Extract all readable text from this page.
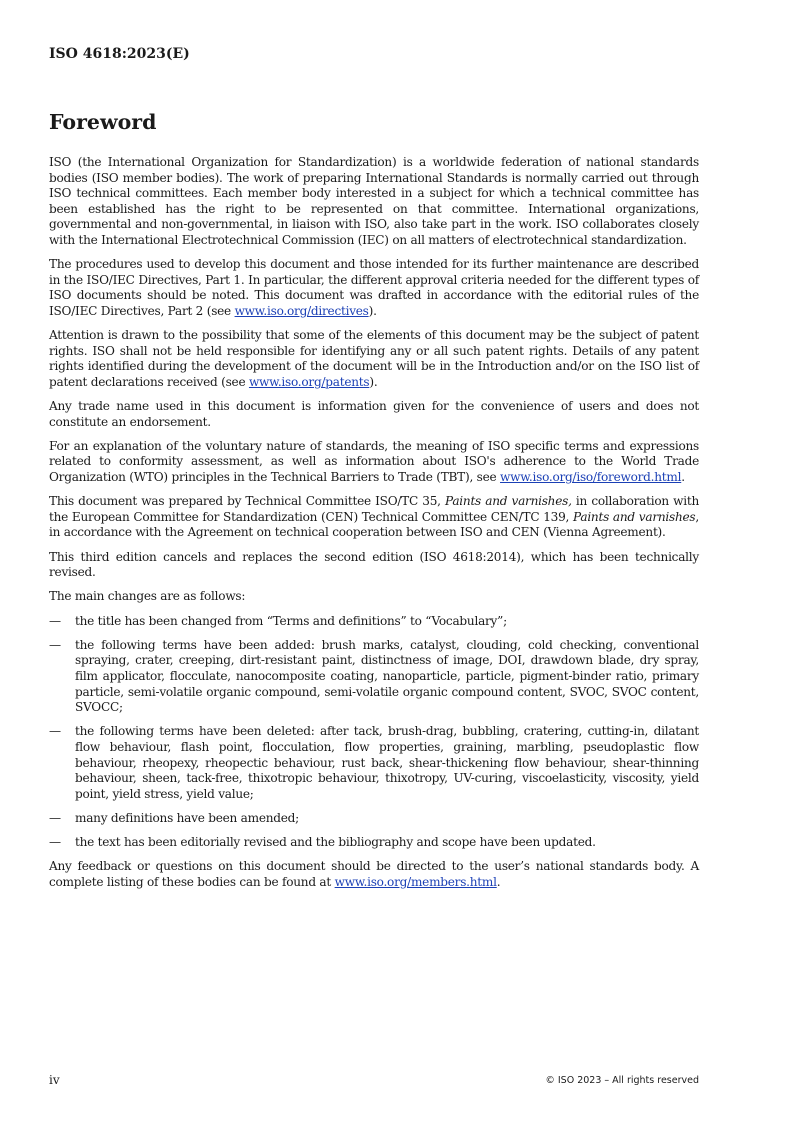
ISO 4618:2023(E)
Foreword

ISO (the International Organization for Standardization) is a worldwide federation of national standards bodies (ISO member bodies). The work of preparing International Standards is normally carried out through ISO technical committees. Each member body interested in a subject for which a technical committee has been established has the right to be represented on that committee. International organizations, governmental and non-governmental, in liaison with ISO, also take part in the work. ISO collaborates closely with the International Electrotechnical Commission (IEC) on all matters of electrotechnical standardization.

The procedures used to develop this document and those intended for its further maintenance are described in the ISO/IEC Directives, Part 1. In particular, the different approval criteria needed for the different types of ISO documents should be noted. This document was drafted in accordance with the editorial rules of the ISO/IEC Directives, Part 2 (see www.iso.org/directives).

Attention is drawn to the possibility that some of the elements of this document may be the subject of patent rights. ISO shall not be held responsible for identifying any or all such patent rights. Details of any patent rights identified during the development of the document will be in the Introduction and/or on the ISO list of patent declarations received (see www.iso.org/patents).

Any trade name used in this document is information given for the convenience of users and does not constitute an endorsement.

For an explanation of the voluntary nature of standards, the meaning of ISO specific terms and expressions related to conformity assessment, as well as information about ISO's adherence to the World Trade Organization (WTO) principles in the Technical Barriers to Trade (TBT), see www.iso.org/iso/foreword.html.

This document was prepared by Technical Committee ISO/TC 35, Paints and varnishes, in collaboration with the European Committee for Standardization (CEN) Technical Committee CEN/TC 139, Paints and varnishes, in accordance with the Agreement on technical cooperation between ISO and CEN (Vienna Agreement).

This third edition cancels and replaces the second edition (ISO 4618:2014), which has been technically revised.

The main changes are as follows:

— the title has been changed from “Terms and definitions” to “Vocabulary”;
— the following terms have been added: brush marks, catalyst, clouding, cold checking, conventional spraying, crater, creeping, dirt-resistant paint, distinctness of image, DOI, drawdown blade, dry spray, film applicator, flocculate, nanocomposite coating, nanoparticle, particle, pigment-binder ratio, primary particle, semi-volatile organic compound, semi-volatile organic compound content, SVOC, SVOC content, SVOCC;
— the following terms have been deleted: after tack, brush-drag, bubbling, cratering, cutting-in, dilatant flow behaviour, flash point, flocculation, flow properties, graining, marbling, pseudoplastic flow behaviour, rheopexy, rheopectic behaviour, rust back, shear-thickening flow behaviour, shear-thinning behaviour, sheen, tack-free, thixotropic behaviour, thixotropy, UV-curing, viscoelasticity, viscosity, yield point, yield stress, yield value;
— many definitions have been amended;
— the text has been editorially revised and the bibliography and scope have been updated.

Any feedback or questions on this document should be directed to the user’s national standards body. A complete listing of these bodies can be found at www.iso.org/members.html.

iv	© ISO 2023 – All rights reserved
